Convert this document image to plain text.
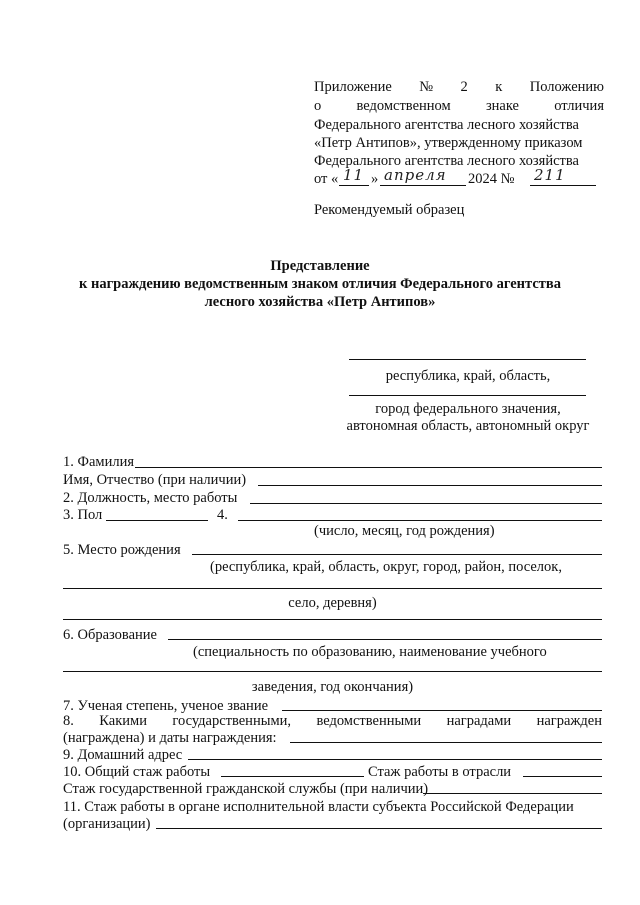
Приложение № 2 к Положению
о ведомственном знаке отличия
Федерального агентства лесного хозяйства
«Петр Антипов», утвержденному приказом
Федерального агентства лесного хозяйства
от « 11 » апреля 2024 № 211
Рекомендуемый образец
Представление
к награждению ведомственным знаком отличия Федерального агентства
лесного хозяйства «Петр Антипов»
республика, край, область,
город федерального значения,
автономная область, автономный округ
1. Фамилия
Имя, Отчество (при наличии)
2. Должность, место работы
3. Пол	4.
(число, месяц, год рождения)
5. Место рождения
(республика, край, область, округ, город, район, поселок,
село, деревня)
6. Образование
(специальность по образованию, наименование учебного
заведения, год окончания)
7. Ученая степень, ученое звание
8. Какими государственными, ведомственными наградами награжден
(награждена) и даты награждения:
9. Домашний адрес
10. Общий стаж работы	Стаж работы в отрасли
Стаж государственной гражданской службы (при наличии)
11. Стаж работы в органе исполнительной власти субъекта Российской Федерации
(организации)
